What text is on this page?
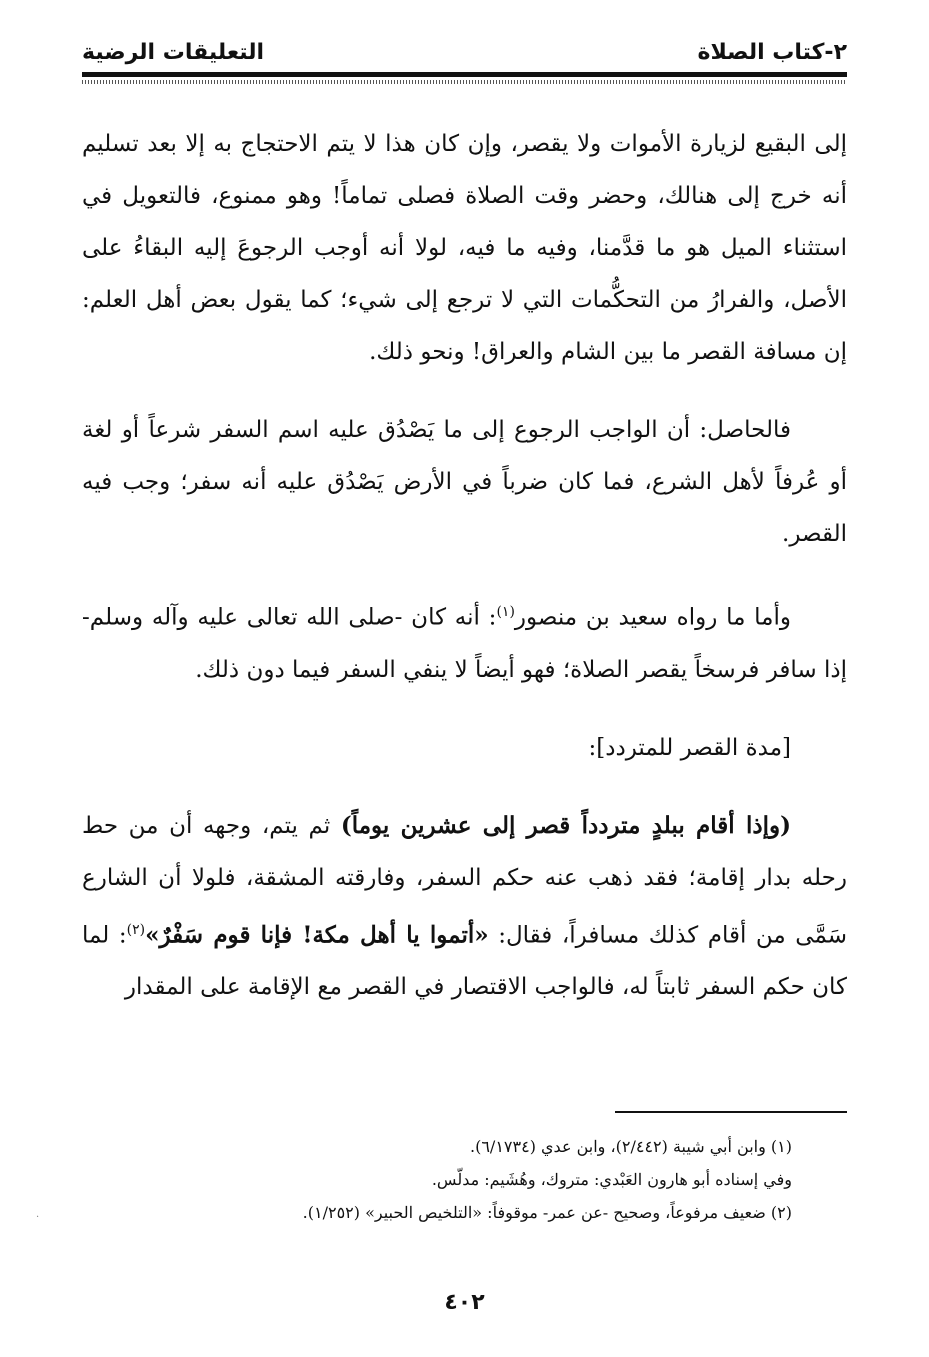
٢-كتاب الصلاة
التعليقات الرضية

إلى البقيع لزيارة الأموات ولا يقصر، وإن كان هذا لا يتم الاحتجاج به إلا بعد تسليم أنه خرج إلى هنالك، وحضر وقت الصلاة فصلى تماماً! وهو ممنوع، فالتعويل في استثناء الميل هو ما قدَّمنا، وفيه ما فيه، لولا أنه أوجب الرجوعَ إليه البقاءُ على الأصل، والفرارُ من التحكُّمات التي لا ترجع إلى شيء؛ كما يقول بعض أهل العلم: إن مسافة القصر ما بين الشام والعراق! ونحو ذلك.

فالحاصل: أن الواجب الرجوع إلى ما يَصْدُق عليه اسم السفر شرعاً أو لغة أو عُرفاً لأهل الشرع، فما كان ضرباً في الأرض يَصْدُق عليه أنه سفر؛ وجب فيه القصر.

وأما ما رواه سعيد بن منصور$^{(١)}$: أنه كان -صلى الله تعالى عليه وآله وسلم- إذا سافر فرسخاً يقصر الصلاة؛ فهو أيضاً لا ينفي السفر فيما دون ذلك.

[مدة القصر للمتردد]:

(وإذا أقام ببلدٍ متردداً قصر إلى عشرين يوماً) ثم يتم، وجهه أن من حط رحله بدار إقامة؛ فقد ذهب عنه حكم السفر، وفارقته المشقة، فلولا أن الشارع سَمَّى من أقام كذلك مسافراً، فقال: «أتموا يا أهل مكة! فإنا قوم سَفْرٌ»$^{(٢)}$: لما كان حكم السفر ثابتاً له، فالواجب الاقتصار في القصر مع الإقامة على المقدار

(١) وابن أبي شيبة (٢/٤٤٢)، وابن عدي (٦/١٧٣٤).

وفي إسناده أبو هارون العَبْدي: متروك، وهُشَيم: مدلّس.

(٢) ضعيف مرفوعاً، وصحيح -عن عمر- موقوفاً: «التلخيص الحبير» (١/٢٥٢).

·
٤٠٢
